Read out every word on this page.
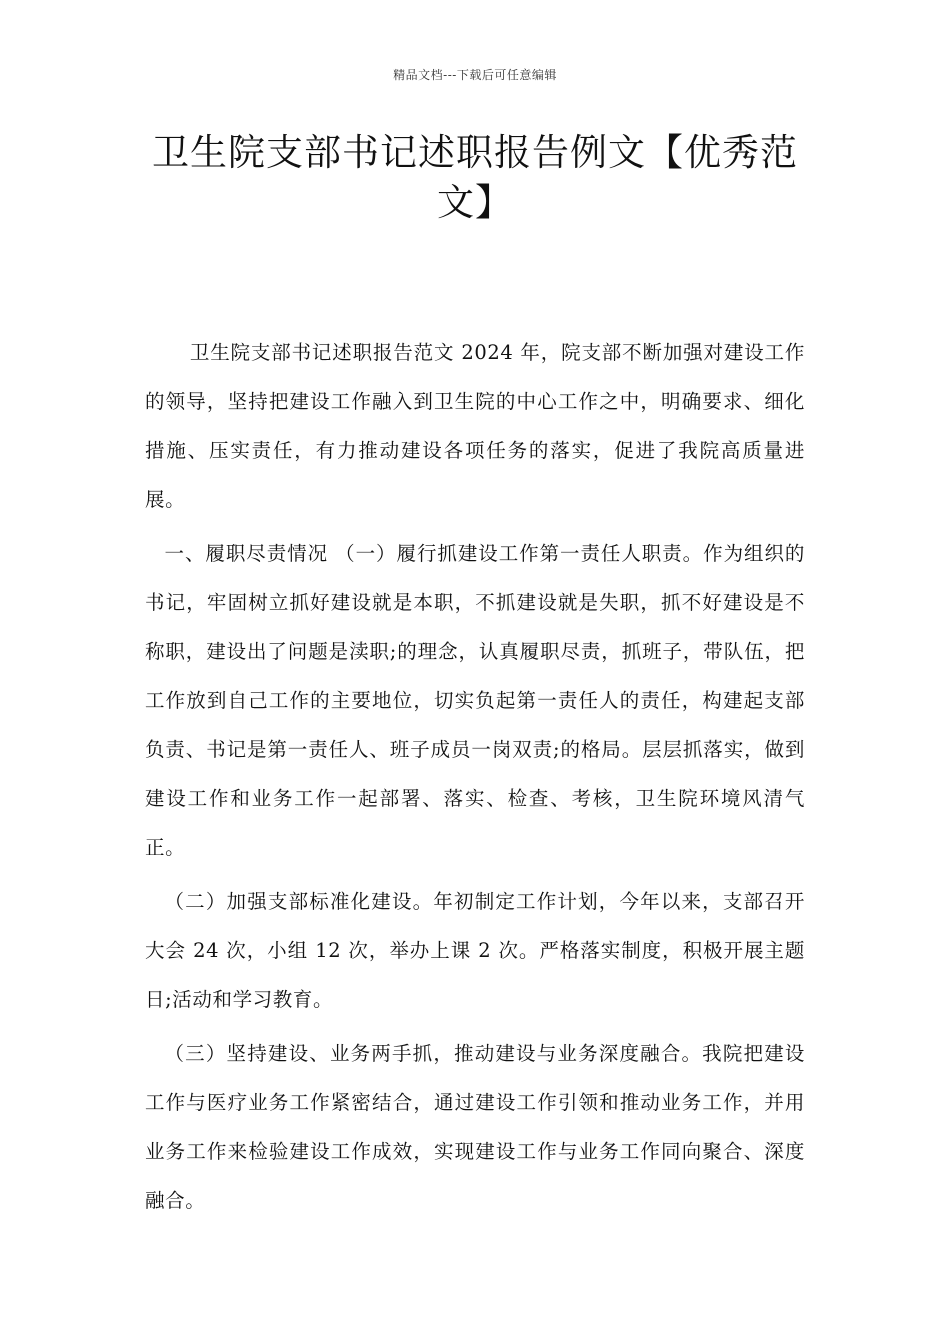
精品文档---下载后可任意编辑
卫生院支部书记述职报告例文【优秀范文】

卫生院支部书记述职报告范文 2024 年，院支部不断加强对建设工作的领导，坚持把建设工作融入到卫生院的中心工作之中，明确要求、细化措施、压实责任，有力推动建设各项任务的落实，促进了我院高质量进展。

一、履职尽责情况 （一）履行抓建设工作第一责任人职责。作为组织的书记，牢固树立抓好建设就是本职，不抓建设就是失职，抓不好建设是不称职，建设出了问题是渎职;的理念，认真履职尽责，抓班子，带队伍，把工作放到自己工作的主要地位，切实负起第一责任人的责任，构建起支部负责、书记是第一责任人、班子成员一岗双责;的格局。层层抓落实，做到建设工作和业务工作一起部署、落实、检查、考核，卫生院环境风清气正。

（二）加强支部标准化建设。年初制定工作计划，今年以来，支部召开大会 24 次，小组 12 次，举办上课 2 次。严格落实制度，积极开展主题日;活动和学习教育。

（三）坚持建设、业务两手抓，推动建设与业务深度融合。我院把建设工作与医疗业务工作紧密结合，通过建设工作引领和推动业务工作，并用业务工作来检验建设工作成效，实现建设工作与业务工作同向聚合、深度融合。
